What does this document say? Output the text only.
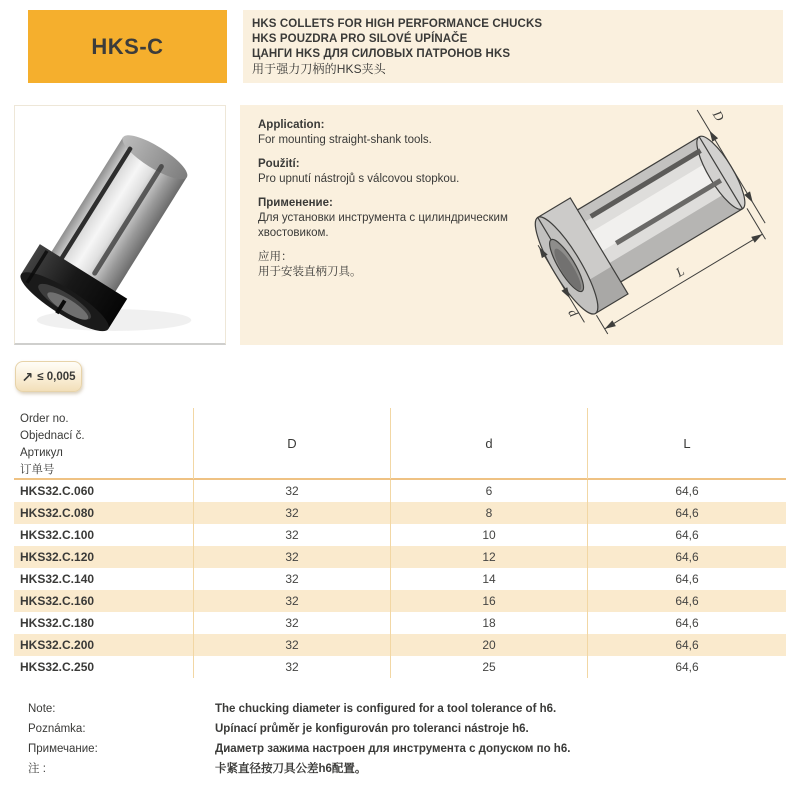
HKS-C
HKS COLLETS FOR HIGH PERFORMANCE CHUCKS
HKS POUZDRA PRO SILOVÉ UPÍNAČE
ЦАНГИ HKS ДЛЯ СИЛОВЫХ ПАТРОНОВ HKS
用于强力刀柄的HKS夹头
Application:
For mounting straight-shank tools.
Použití:
Pro upnutí nástrojů s válcovou stopkou.
Применение:
Для установки инструмента с цилиндрическим хвостовиком.
应用：
用于安装直柄刀具。
D
L
d
↗ ≤ 0,005
Order no.
Objednací č.
Артикул
订单号
D	d	L
HKS32.C.060	32	6	64,6
HKS32.C.080	32	8	64,6
HKS32.C.100	32	10	64,6
HKS32.C.120	32	12	64,6
HKS32.C.140	32	14	64,6
HKS32.C.160	32	16	64,6
HKS32.C.180	32	18	64,6
HKS32.C.200	32	20	64,6
HKS32.C.250	32	25	64,6
Note:	The chucking diameter is configured for a tool tolerance of h6.
Poznámka:	Upínací průměr je konfigurován pro toleranci nástroje h6.
Примечание:	Диаметр зажима настроен для инструмента с допуском по h6.
注 :	卡紧直径按刀具公差h6配置。
